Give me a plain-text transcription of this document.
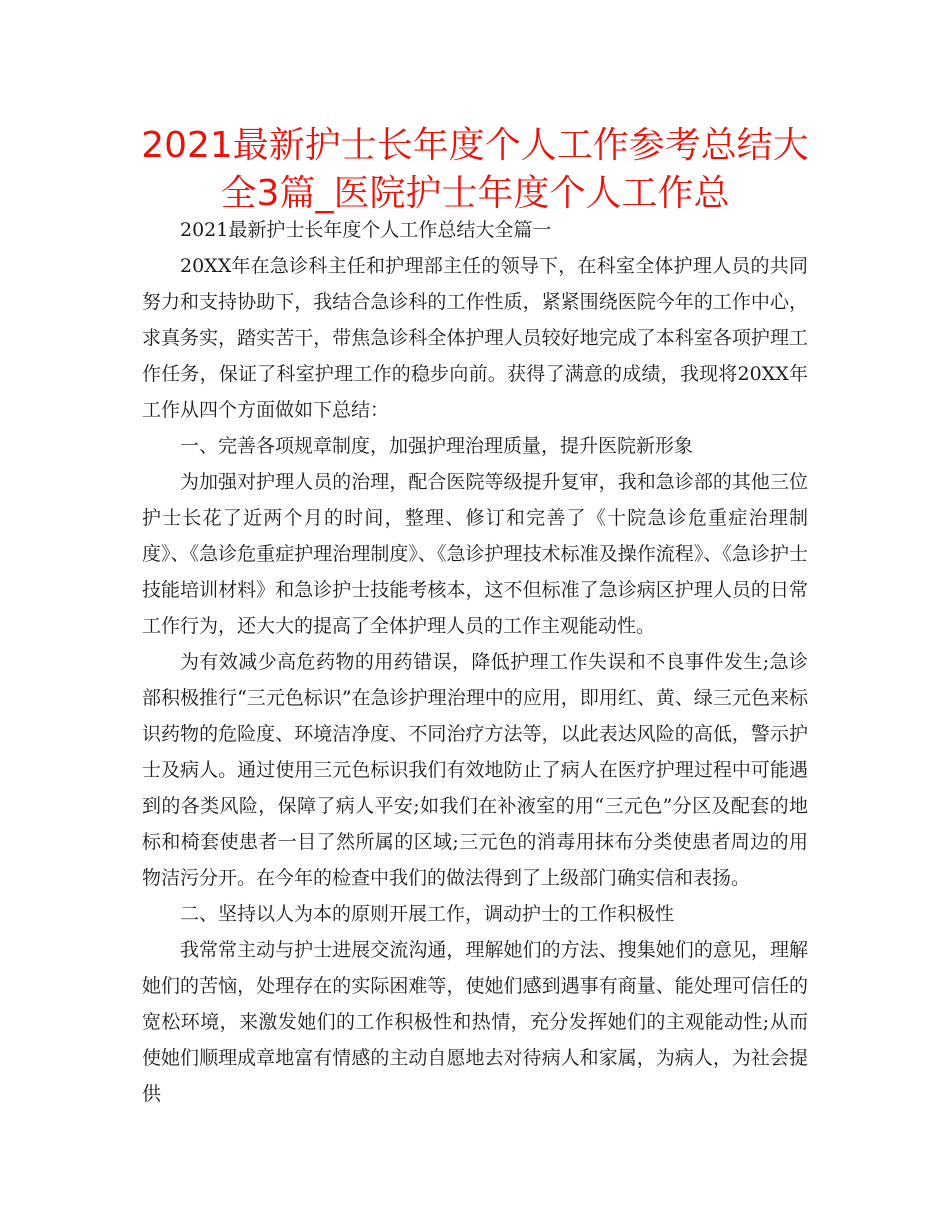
2021最新护士长年度个人工作参考总结大全3篇_医院护士年度个人工作总

2021最新护士长年度个人工作总结大全篇一

20XX年在急诊科主任和护理部主任的领导下，在科室全体护理人员的共同努力和支持协助下，我结合急诊科的工作性质，紧紧围绕医院今年的工作中心，求真务实，踏实苦干，带焦急诊科全体护理人员较好地完成了本科室各项护理工作任务，保证了科室护理工作的稳步向前。获得了满意的成绩，我现将20XX年工作从四个方面做如下总结：

一、完善各项规章制度，加强护理治理质量，提升医院新形象

为加强对护理人员的治理，配合医院等级提升复审，我和急诊部的其他三位护士长花了近两个月的时间，整理、修订和完善了《十院急诊危重症治理制度》、《急诊危重症护理治理制度》、《急诊护理技术标准及操作流程》、《急诊护士技能培训材料》和急诊护士技能考核本，这不但标准了急诊病区护理人员的日常工作行为，还大大的提高了全体护理人员的工作主观能动性。

为有效减少高危药物的用药错误，降低护理工作失误和不良事件发生;急诊部积极推行“三元色标识”在急诊护理治理中的应用，即用红、黄、绿三元色来标识药物的危险度、环境洁净度、不同治疗方法等，以此表达风险的高低，警示护士及病人。通过使用三元色标识我们有效地防止了病人在医疗护理过程中可能遇到的各类风险，保障了病人平安;如我们在补液室的用“三元色”分区及配套的地标和椅套使患者一目了然所属的区域;三元色的消毒用抹布分类使患者周边的用物洁污分开。在今年的检查中我们的做法得到了上级部门确实信和表扬。

二、坚持以人为本的原则开展工作，调动护士的工作积极性

我常常主动与护士进展交流沟通，理解她们的方法、搜集她们的意见，理解她们的苦恼，处理存在的实际困难等，使她们感到遇事有商量、能处理可信任的宽松环境，来激发她们的工作积极性和热情，充分发挥她们的主观能动性;从而使她们顺理成章地富有情感的主动自愿地去对待病人和家属，为病人，为社会提供
